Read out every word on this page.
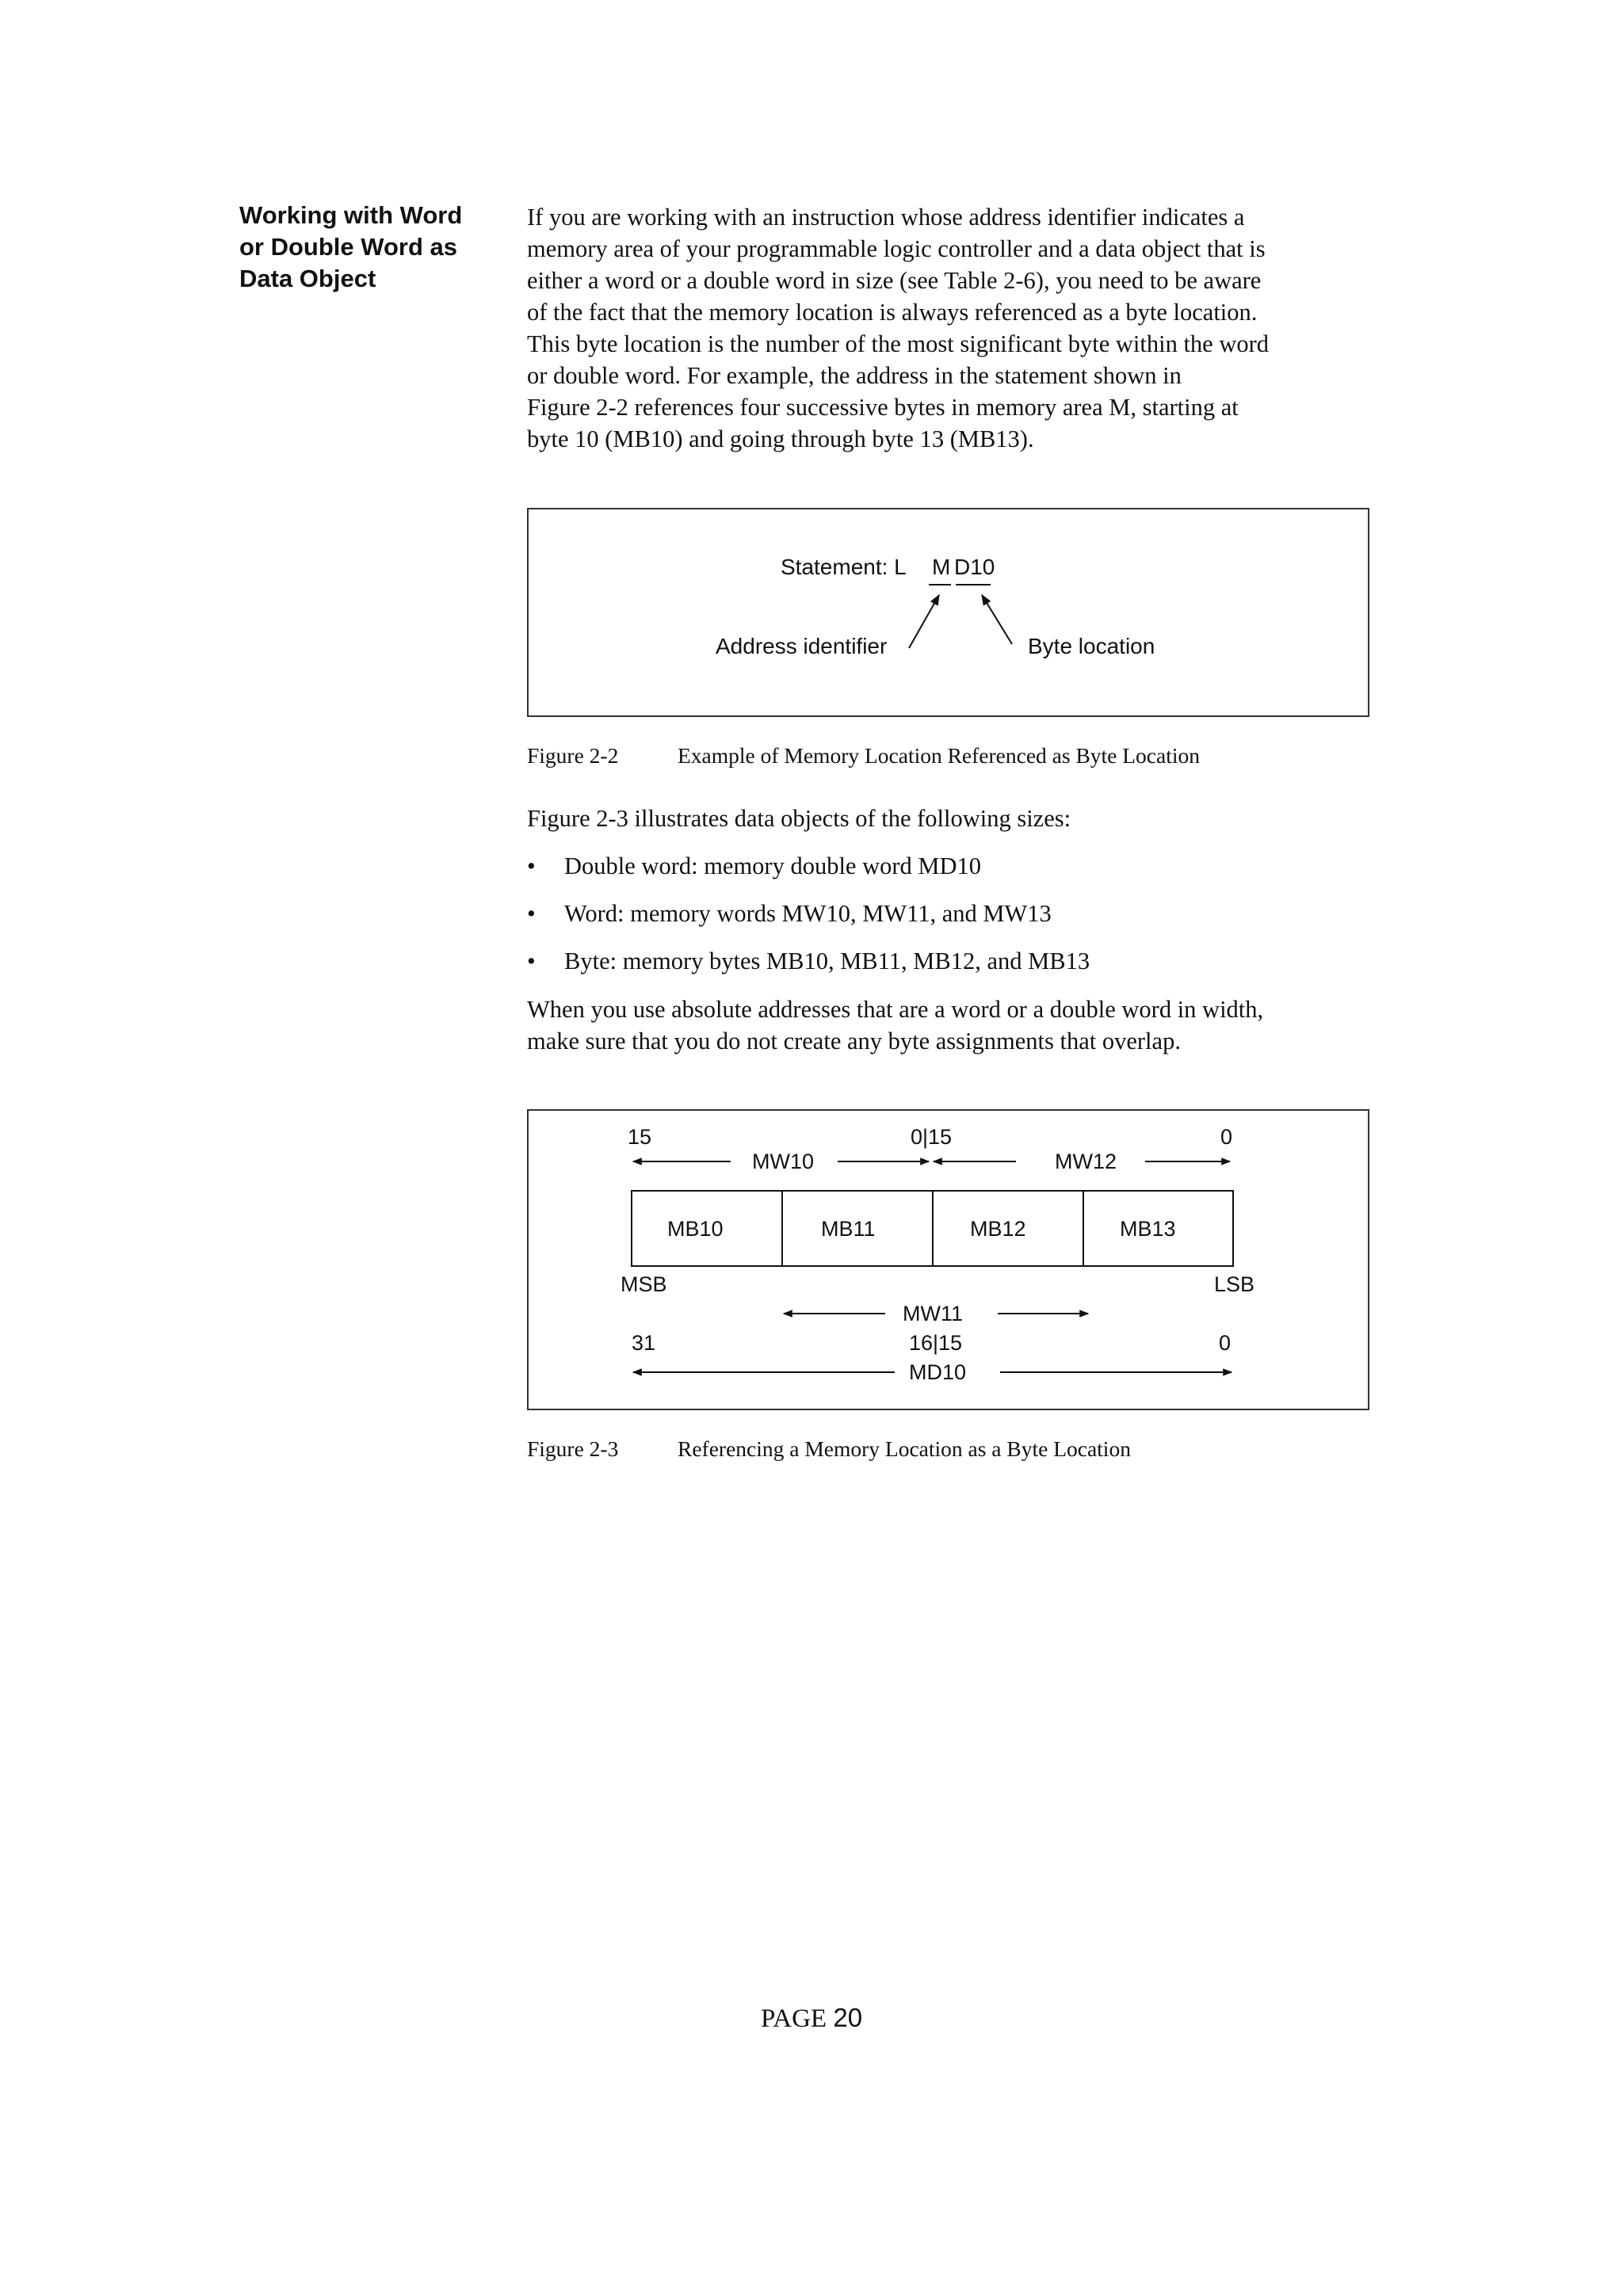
Working with Word
or Double Word as
Data Object
If you are working with an instruction whose address identifier indicates a
memory area of your programmable logic controller and a data object that is
either a word or a double word in size (see Table 2-6), you need to be aware
of the fact that the memory location is always referenced as a byte location.
This byte location is the number of the most significant byte within the word
or double word. For example, the address in the statement shown in
Figure 2-2 references four successive bytes in memory area M, starting at
byte 10 (MB10) and going through byte 13 (MB13).
Statement: L M D10
Address identifier	Byte location
Figure 2-2	Example of Memory Location Referenced as Byte Location
Figure 2-3 illustrates data objects of the following sizes:
• Double word: memory double word MD10
• Word: memory words MW10, MW11, and MW13
• Byte: memory bytes MB10, MB11, MB12, and MB13
When you use absolute addresses that are a word or a double word in width,
make sure that you do not create any byte assignments that overlap.
15	0|15	0
MW10	MW12
MB10	MB11	MB12	MB13
MSB	LSB
MW11
31	16|15	0
MD10
Figure 2-3	Referencing a Memory Location as a Byte Location
PAGE 20
